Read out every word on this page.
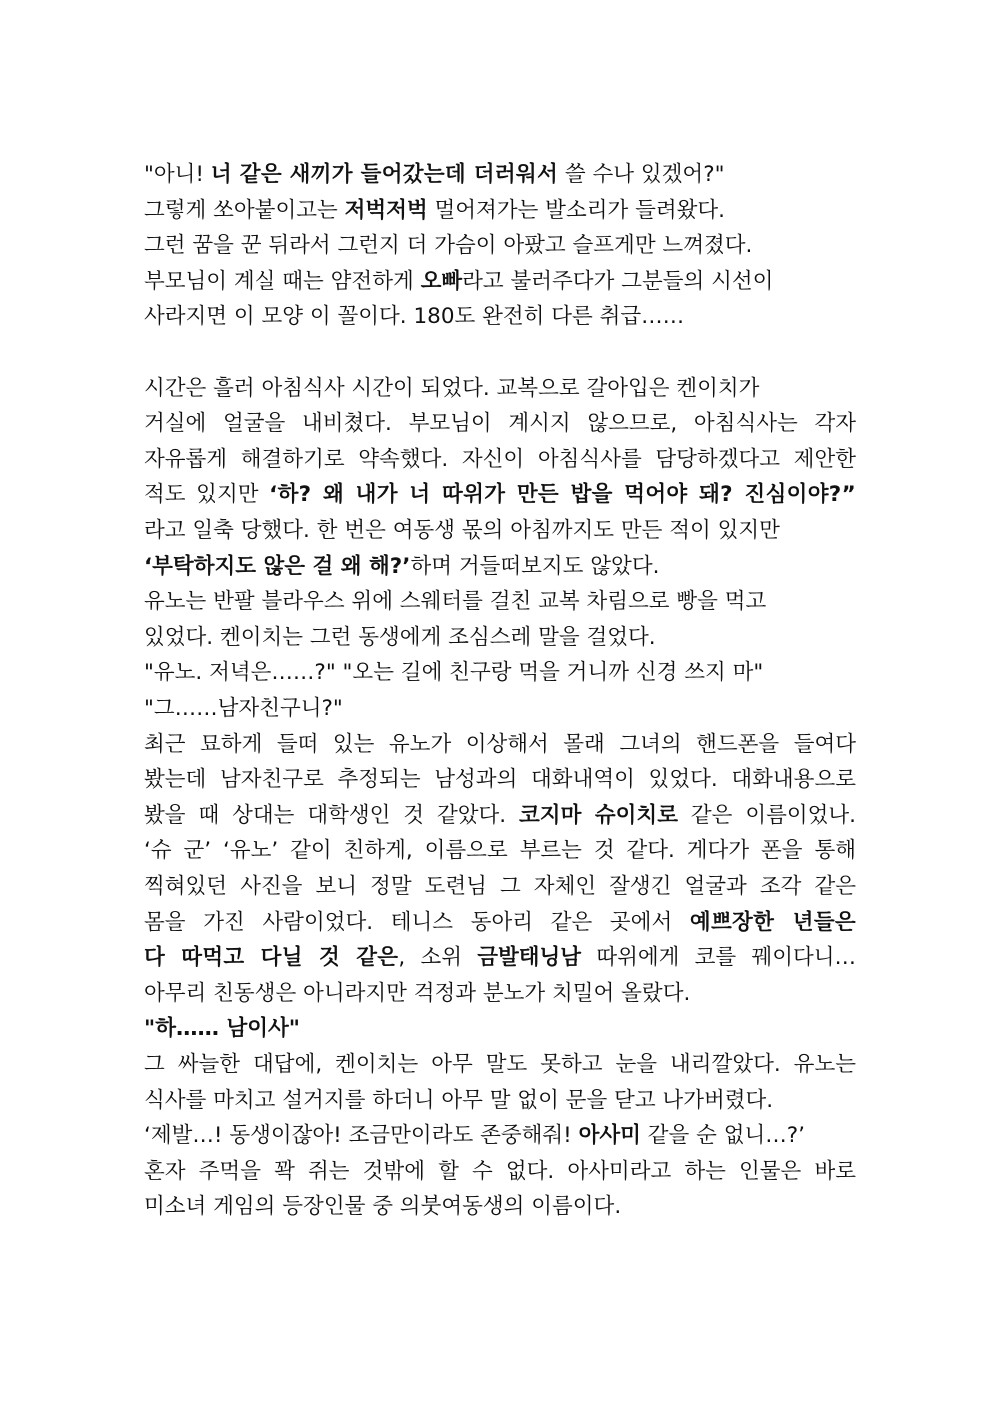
"아니! 너 같은 새끼가 들어갔는데 더러워서 쓸 수나 있겠어?"
그렇게 쏘아붙이고는 저벅저벅 멀어져가는 발소리가 들려왔다.
그런 꿈을 꾼 뒤라서 그런지 더 가슴이 아팠고 슬프게만 느껴졌다.
부모님이 계실 때는 얌전하게 오빠라고 불러주다가 그분들의 시선이
사라지면 이 모양 이 꼴이다. 180도 완전히 다른 취급……
시간은 흘러 아침식사 시간이 되었다. 교복으로 갈아입은 켄이치가
거실에 얼굴을 내비쳤다. 부모님이 계시지 않으므로, 아침식사는 각자
자유롭게 해결하기로 약속했다. 자신이 아침식사를 담당하겠다고 제안한
적도 있지만 ‘하? 왜 내가 너 따위가 만든 밥을 먹어야 돼? 진심이야?”
라고 일축 당했다. 한 번은 여동생 몫의 아침까지도 만든 적이 있지만
‘부탁하지도 않은 걸 왜 해?’하며 거들떠보지도 않았다.
유노는 반팔 블라우스 위에 스웨터를 걸친 교복 차림으로 빵을 먹고
있었다. 켄이치는 그런 동생에게 조심스레 말을 걸었다.
"유노. 저녁은……?" "오는 길에 친구랑 먹을 거니까 신경 쓰지 마"
"그……남자친구니?"
최근 묘하게 들떠 있는 유노가 이상해서 몰래 그녀의 핸드폰을 들여다
봤는데 남자친구로 추정되는 남성과의 대화내역이 있었다. 대화내용으로
봤을 때 상대는 대학생인 것 같았다. 코지마 슈이치로 같은 이름이었나.
‘슈 군’ ‘유노’ 같이 친하게, 이름으로 부르는 것 같다. 게다가 폰을 통해
찍혀있던 사진을 보니 정말 도련님 그 자체인 잘생긴 얼굴과 조각 같은
몸을 가진 사람이었다. 테니스 동아리 같은 곳에서 예쁘장한 년들은
다 따먹고 다닐 것 같은, 소위 금발태닝남 따위에게 코를 꿰이다니…
아무리 친동생은 아니라지만 걱정과 분노가 치밀어 올랐다.
"하…… 남이사"
그 싸늘한 대답에, 켄이치는 아무 말도 못하고 눈을 내리깔았다. 유노는
식사를 마치고 설거지를 하더니 아무 말 없이 문을 닫고 나가버렸다.
‘제발…! 동생이잖아! 조금만이라도 존중해줘! 아사미 같을 순 없니…?’
혼자 주먹을 꽉 쥐는 것밖에 할 수 없다. 아사미라고 하는 인물은 바로
미소녀 게임의 등장인물 중 의붓여동생의 이름이다.
